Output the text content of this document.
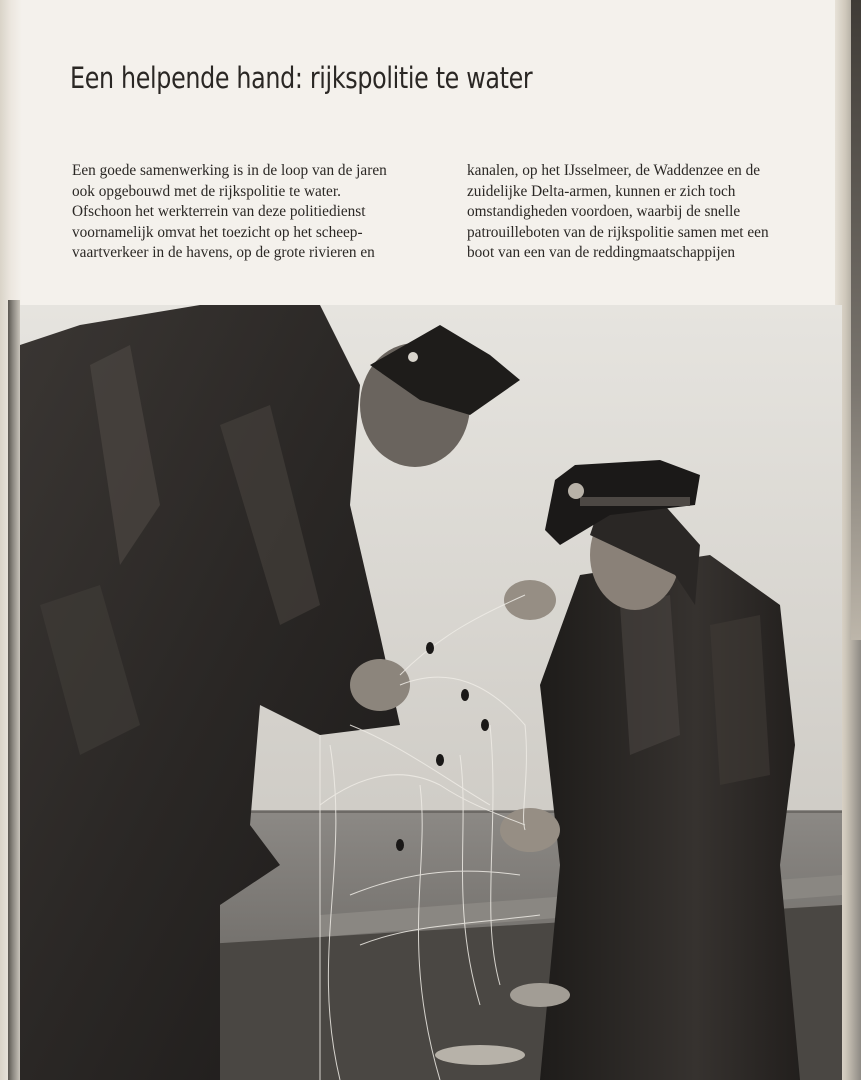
Een helpende hand: rijkspolitie te water

Een goede samenwerking is in de loop van de jaren

ook opgebouwd met de rijkspolitie te water.

Ofschoon het werkterrein van deze politiedienst

voornamelijk omvat het toezicht op het scheep-

vaartverkeer in de havens, op de grote rivieren en

kanalen, op het IJsselmeer, de Waddenzee en de

zuidelijke Delta-armen, kunnen er zich toch

omstandigheden voordoen, waarbij de snelle

patrouilleboten van de rijkspolitie samen met een

boot van een van de reddingmaatschappijen
